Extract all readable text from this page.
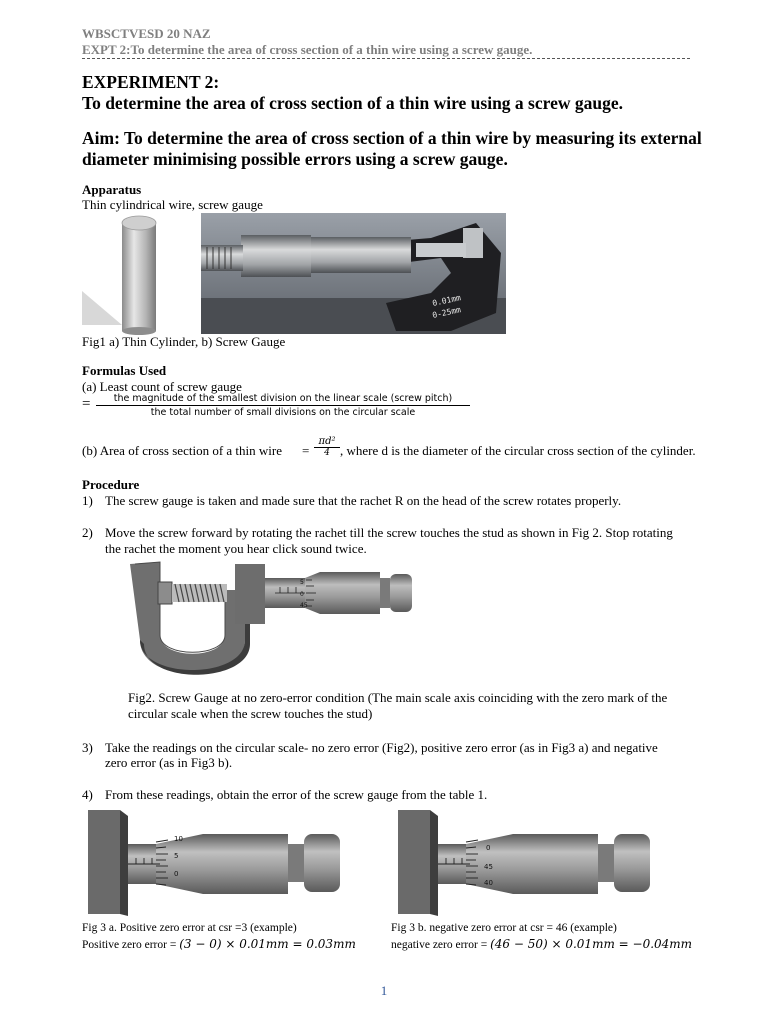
WBSCTVESD 20 NAZ
EXPT 2:To determine the area of cross section of a thin wire using a screw gauge.
EXPERIMENT 2:
To determine the area of cross section of a thin wire using a screw gauge.
Aim: To determine the area of cross section of a thin wire by measuring its external
diameter minimising possible errors using a screw gauge.
Apparatus
Thin cylindrical wire, screw gauge
0.01mm
0-25mm
Fig1 a) Thin Cylinder, b) Screw Gauge
Formulas Used
(a) Least count of screw gauge
=	the magnitude of the smallest division on the linear scale (screw pitch)
the total number of small divisions on the circular scale
(b) Area of cross section of a thin wire = $\frac{\text{πd²}}{4}$ , where d is the diameter of the circular cross section of the cylinder.
Procedure
1) The screw gauge is taken and made sure that the rachet R on the head of the screw rotates properly.
2) Move the screw forward by rotating the rachet till the screw touches the stud as shown in Fig 2. Stop rotating
the rachet the moment you hear click sound twice.
5
0
45
Fig2. Screw Gauge at no zero-error condition (The main scale axis coinciding with the zero mark of the
circular scale when the screw touches the stud)
3) Take the readings on the circular scale- no zero error (Fig2), positive zero error (as in Fig3 a) and negative
zero error (as in Fig3 b).
4) From these readings, obtain the error of the screw gauge from the table 1.
10
5
0
0
45
40
Fig 3 a. Positive zero error at csr =3 (example)
Positive zero error = (3 − 0) × 0.01mm = 0.03mm
Fig 3 b. negative zero error at csr = 46 (example)
negative zero error = (46 − 50) × 0.01mm = −0.04mm
1
